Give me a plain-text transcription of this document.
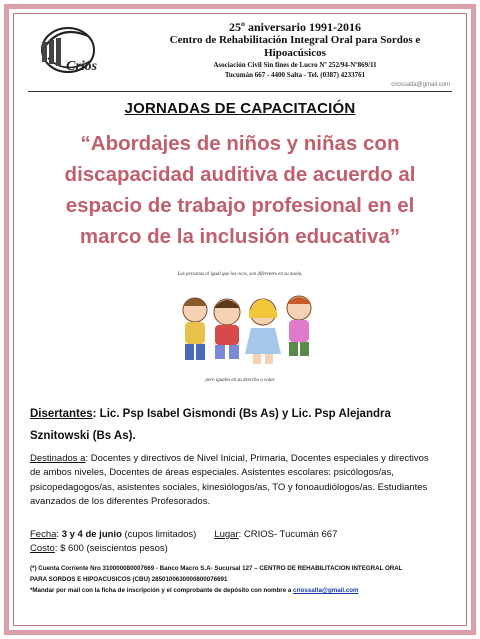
Crios
25º aniversario 1991-2016
Centro de Rehabilitación Integral Oral para Sordos e
Hipoacúsicos
Asociación Civil Sin fines de Lucro Nº 252/94-Nº869/11
Tucumán 667 - 4400 Salta - Tel. (0387) 4233761
criossalta@gmail.com
JORNADAS DE CAPACITACIÓN
“Abordajes de niños y niñas con
discapacidad auditiva de acuerdo al
espacio de trabajo profesional en el
marco de la inclusión educativa”
Las personas al igual que los ocos, son diferentes en su nuolo,
pero iguales en su derecho a volar
Disertantes: Lic. Psp Isabel Gismondi (Bs As) y Lic. Psp Alejandra
Sznitowski (Bs As).
Destinados a: Docentes y directivos de Nivel Inicial, Primaria, Docentes especiales y directivos
de ambos niveles, Docentes de áreas especiales. Asistentes escolares: psicólogos/as,
psicopedagogos/as, asistentes sociales, kinesiólogos/as, TO y fonoaudiólogos/as. Estudiantes
avanzados de los diferentes Profesorados.
Fecha: 3 y 4 de junio (cupos limitados) Lugar: CRIOS- Tucumán 667
Costo: $ 600 (seiscientos pesos)
(*) Cuenta Corriente Nro 310000080007669 - Banco Macro S.A- Sucursal 127 – CENTRO DE REHABILITACION INTEGRAL ORAL
PARA SORDOS E HIPOACUSICOS (CBU) 2850100630000800076691
*Mandar por mail con la ficha de inscripción y el comprobante de depósito con nombre a criossalta@gmail.com
